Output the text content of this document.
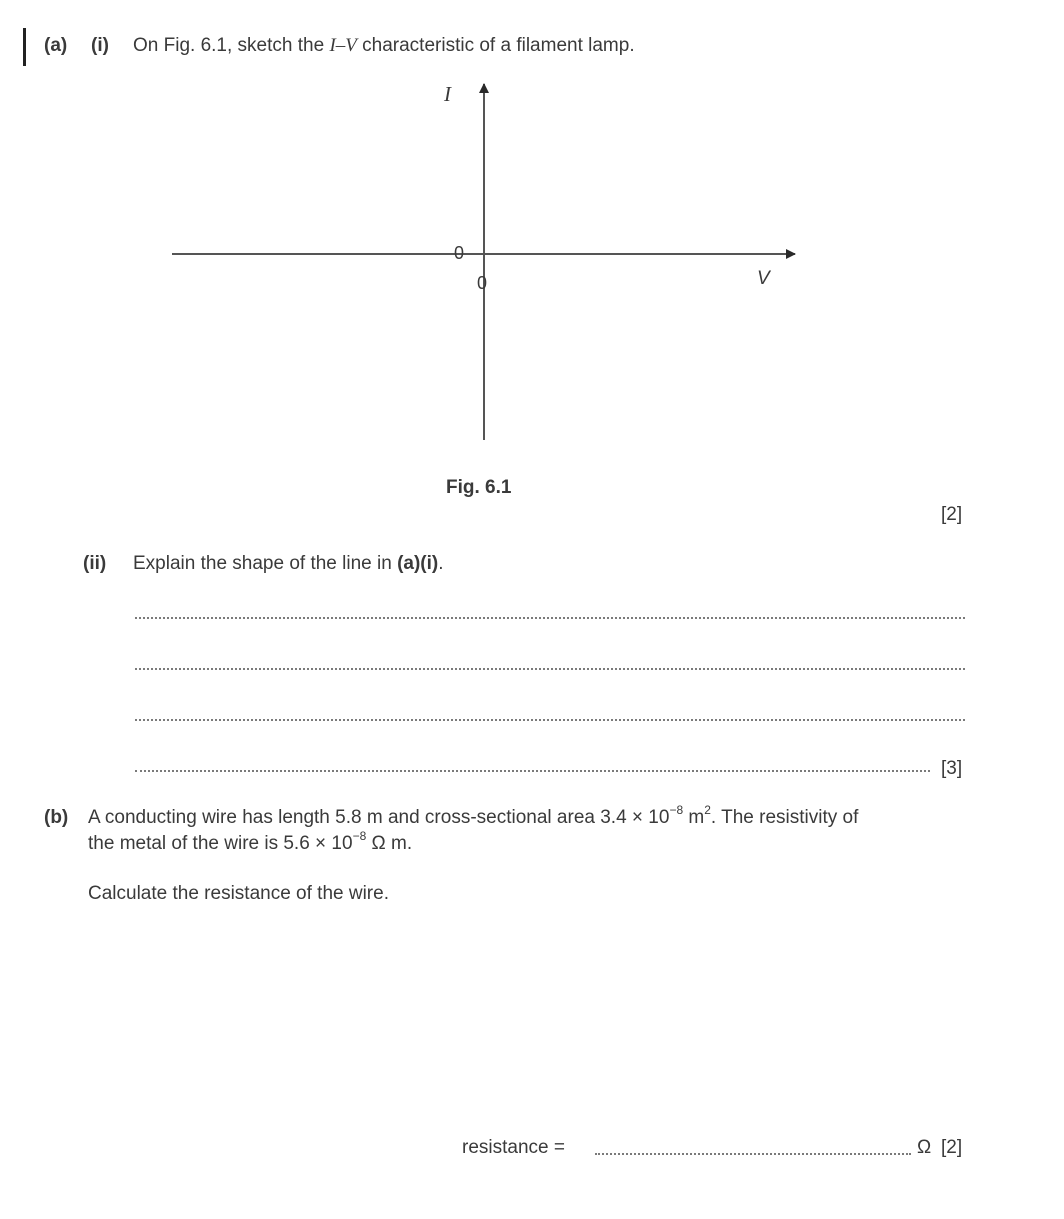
(a) (i) On Fig. 6.1, sketch the I–V characteristic of a filament lamp.
I
V
0
0
Fig. 6.1
[2]
(ii) Explain the shape of the line in (a)(i).
[3]
(b) A conducting wire has length 5.8 m and cross-sectional area $3.4 \times 10^{-8}$ $m^2$. The resistivity of
the metal of the wire is $5.6 \times 10^{-8}$ Ω m.
Calculate the resistance of the wire.
resistance =	Ω [2]
